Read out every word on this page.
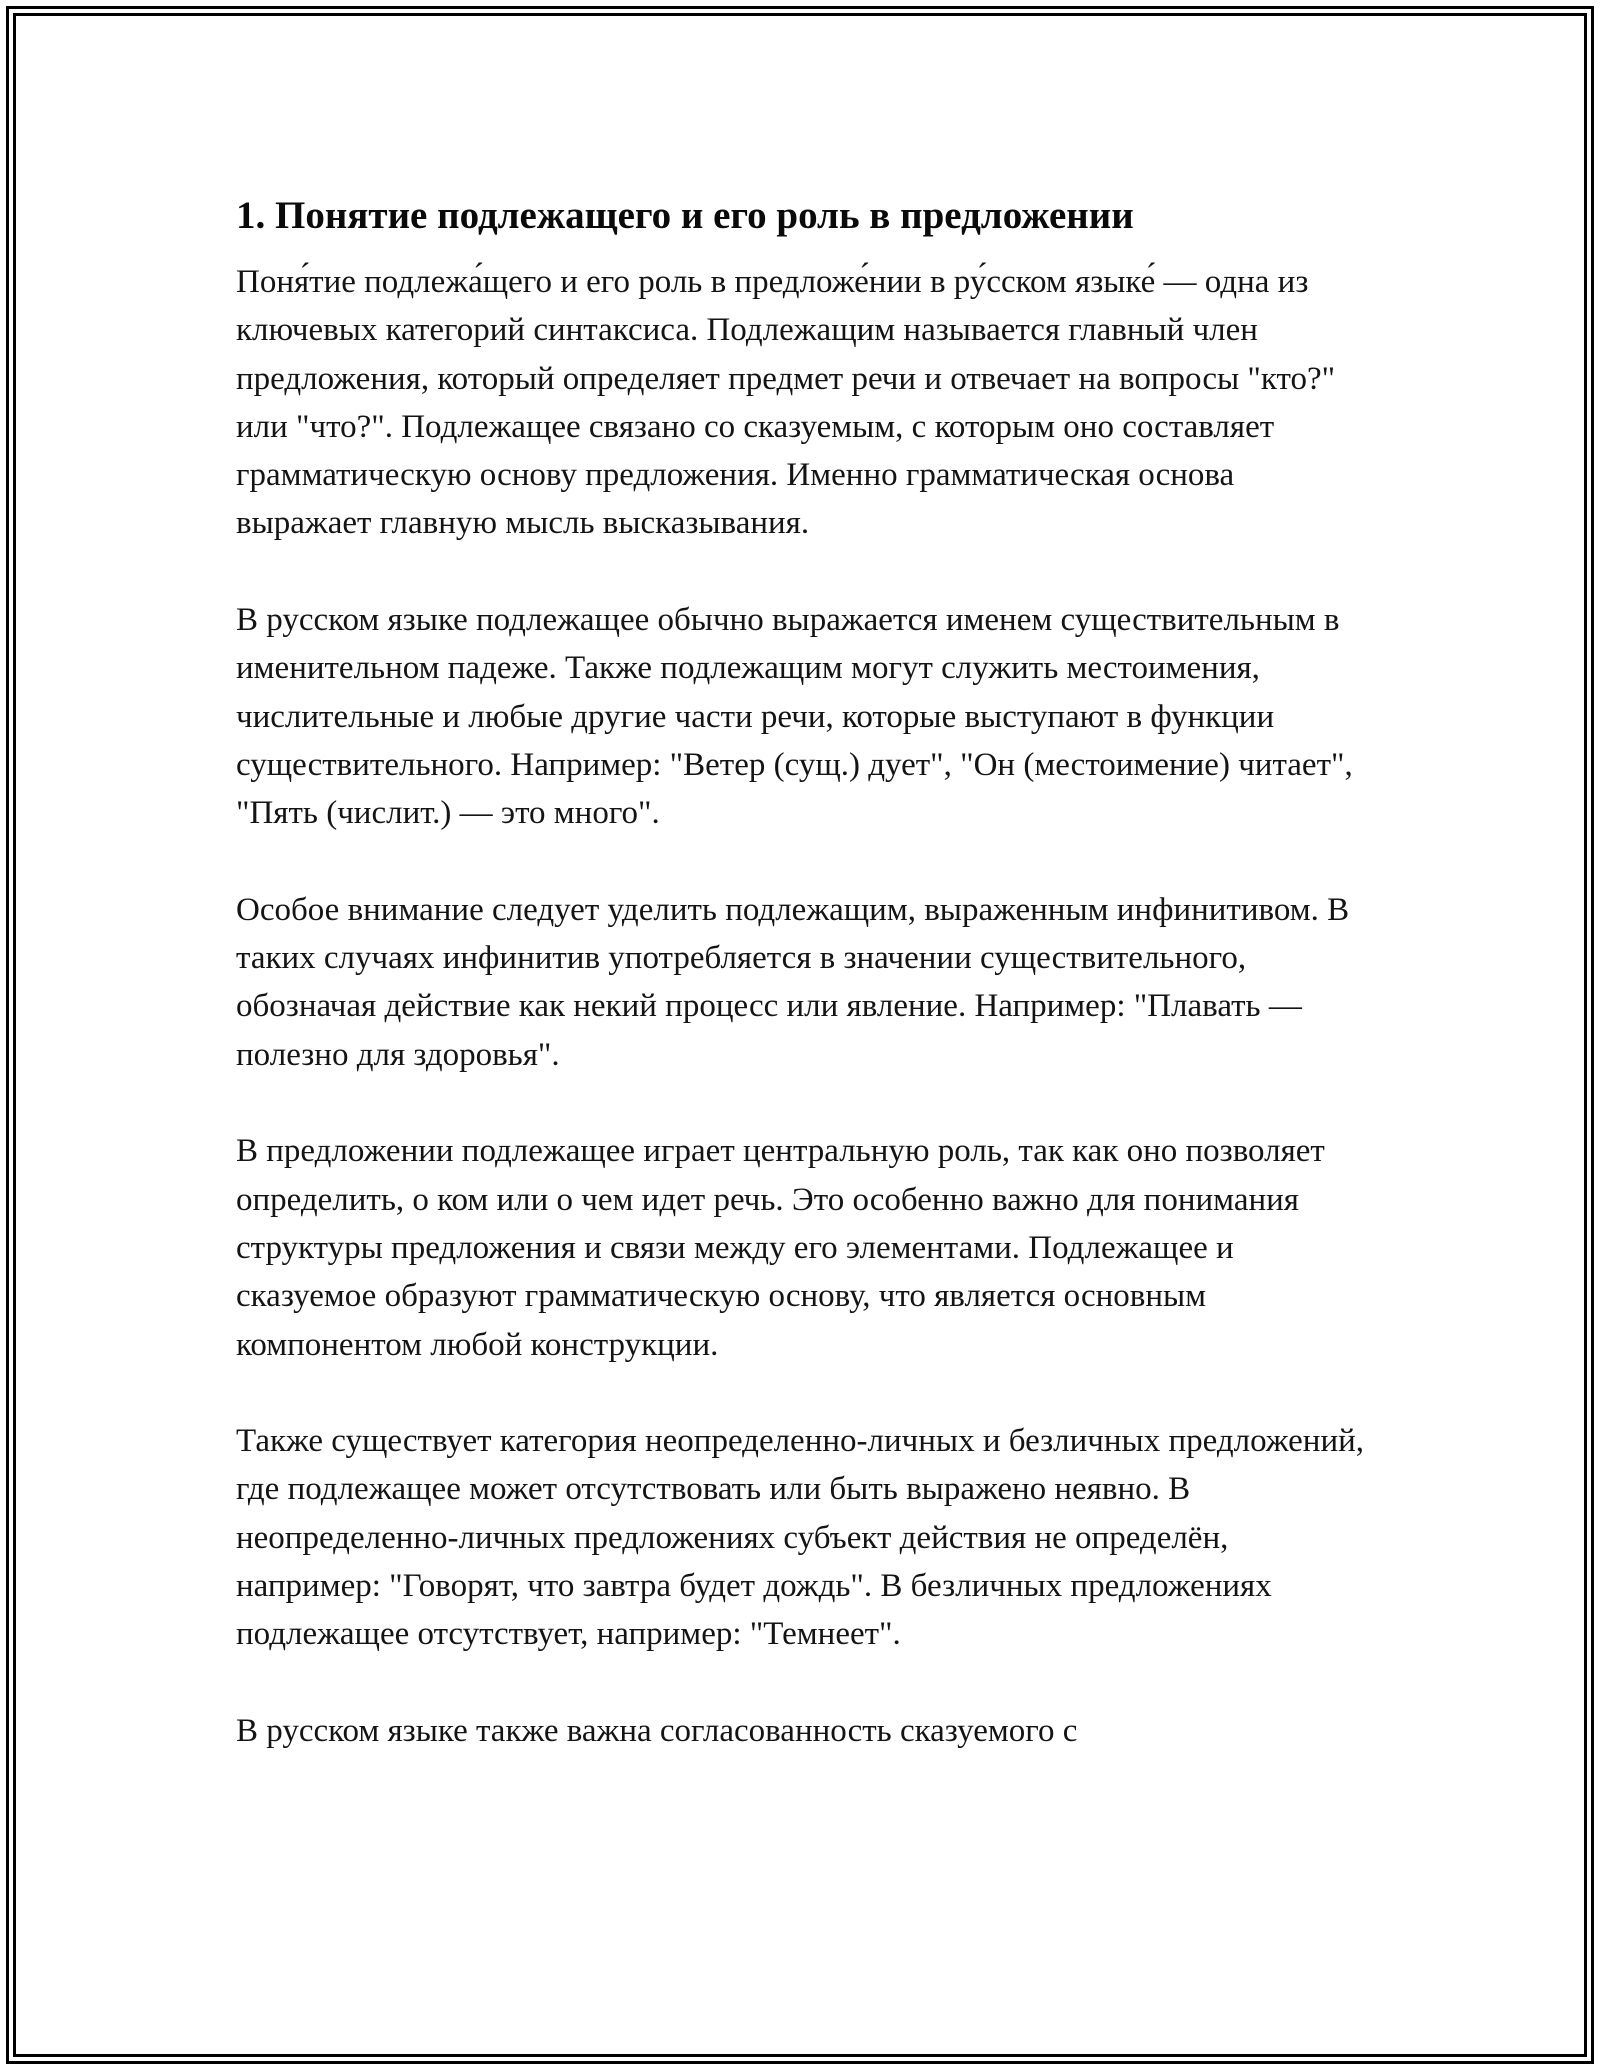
1. Понятие подлежащего и его роль в предложении

Поня́тие подлежа́щего и его роль в предложе́нии в ру́сском языке́ — одна из ключевых категорий синтаксиса. Подлежащим называется главный член предложения, который определяет предмет речи и отвечает на вопросы "кто?" или "что?". Подлежащее связано со сказуемым, с которым оно составляет грамматическую основу предложения. Именно грамматическая основа выражает главную мысль высказывания.

В русском языке подлежащее обычно выражается именем существительным в именительном падеже. Также подлежащим могут служить местоимения, числительные и любые другие части речи, которые выступают в функции существительного. Например: "Ветер (сущ.) дует", "Он (местоимение) читает", "Пять (числит.) — это много".

Особое внимание следует уделить подлежащим, выраженным инфинитивом. В таких случаях инфинитив употребляется в значении существительного, обозначая действие как некий процесс или явление. Например: "Плавать — полезно для здоровья".

В предложении подлежащее играет центральную роль, так как оно позволяет определить, о ком или о чем идет речь. Это особенно важно для понимания структуры предложения и связи между его элементами. Подлежащее и сказуемое образуют грамматическую основу, что является основным компонентом любой конструкции.

Также существует категория неопределенно-личных и безличных предложений, где подлежащее может отсутствовать или быть выражено неявно. В неопределенно-личных предложениях субъект действия не определён, например: "Говорят, что завтра будет дождь". В безличных предложениях подлежащее отсутствует, например: "Темнеет".

В русском языке также важна согласованность сказуемого с
